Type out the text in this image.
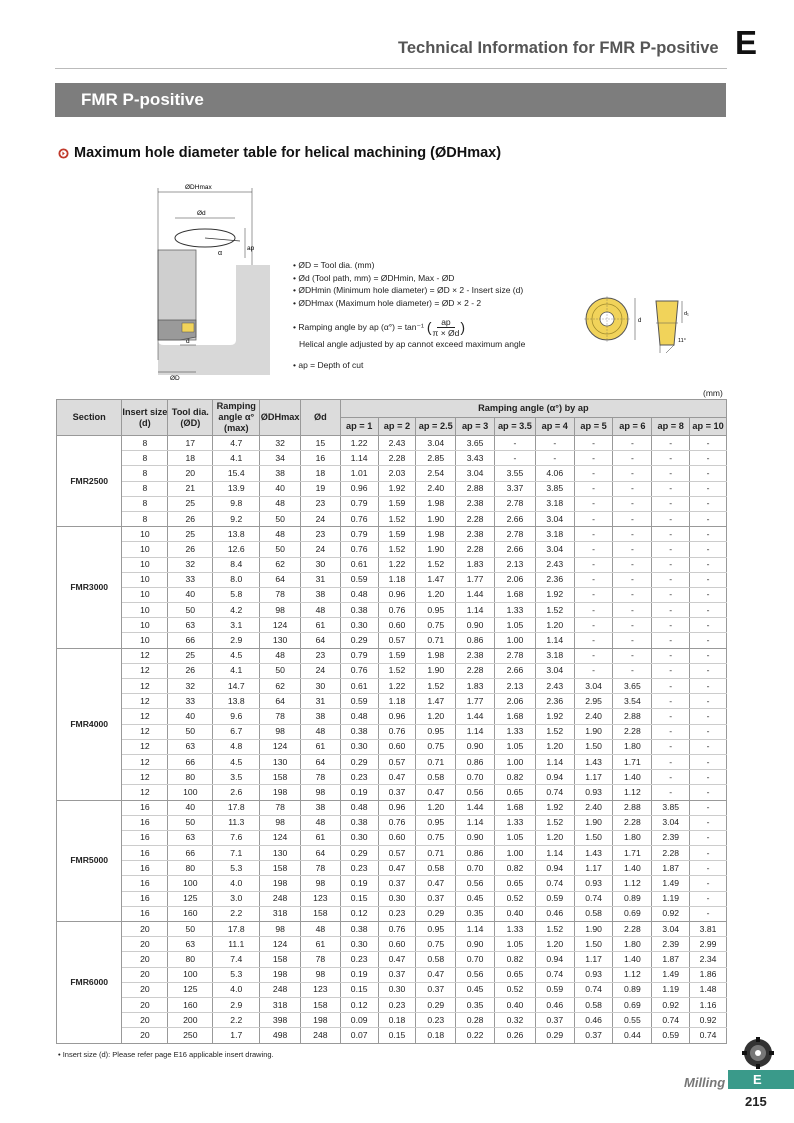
Technical Information for FMR P-positive E
FMR P-positive
Maximum hole diameter table for helical machining (ØDHmax)
ØDHmax
Ød
α
ap
d
ØD
• ØD = Tool dia. (mm)
• Ød (Tool path, mm) = ØDHmin, Max - ØD
• ØDHmin (Minimum hole diameter) = ØD × 2 - Insert size (d)
• ØDHmax (Maximum hole diameter) = ØD × 2 - 2
• Ramping angle by ap (α°) = tan⁻¹ ( $\frac{ap}{\pi \times Ød}$ )
Helical angle adjusted by ap cannot exceed maximum angle
• ap = Depth of cut
d
d₁
11°
(mm)
Section	Insert size (d)	Tool dia. (ØD)	Ramping angle α°(max)	ØDHmax	Ød	Ramping angle (α°) by ap									
						ap = 1	ap = 2	ap = 2.5	ap = 3	ap = 3.5	ap = 4	ap = 5	ap = 6	ap = 8	ap = 10
FMR2500	8	17	4.7	32	15	1.22	2.43	3.04	3.65	-	-	-	-	-	-
	8	18	4.1	34	16	1.14	2.28	2.85	3.43	-	-	-	-	-	-
	8	20	15.4	38	18	1.01	2.03	2.54	3.04	3.55	4.06	-	-	-	-
	8	21	13.9	40	19	0.96	1.92	2.40	2.88	3.37	3.85	-	-	-	-
	8	25	9.8	48	23	0.79	1.59	1.98	2.38	2.78	3.18	-	-	-	-
	8	26	9.2	50	24	0.76	1.52	1.90	2.28	2.66	3.04	-	-	-	-
FMR3000	10	25	13.8	48	23	0.79	1.59	1.98	2.38	2.78	3.18	-	-	-	-
	10	26	12.6	50	24	0.76	1.52	1.90	2.28	2.66	3.04	-	-	-	-
	10	32	8.4	62	30	0.61	1.22	1.52	1.83	2.13	2.43	-	-	-	-
	10	33	8.0	64	31	0.59	1.18	1.47	1.77	2.06	2.36	-	-	-	-
	10	40	5.8	78	38	0.48	0.96	1.20	1.44	1.68	1.92	-	-	-	-
	10	50	4.2	98	48	0.38	0.76	0.95	1.14	1.33	1.52	-	-	-	-
	10	63	3.1	124	61	0.30	0.60	0.75	0.90	1.05	1.20	-	-	-	-
	10	66	2.9	130	64	0.29	0.57	0.71	0.86	1.00	1.14	-	-	-	-
FMR4000	12	25	4.5	48	23	0.79	1.59	1.98	2.38	2.78	3.18	-	-	-	-
	12	26	4.1	50	24	0.76	1.52	1.90	2.28	2.66	3.04	-	-	-	-
	12	32	14.7	62	30	0.61	1.22	1.52	1.83	2.13	2.43	3.04	3.65	-	-
	12	33	13.8	64	31	0.59	1.18	1.47	1.77	2.06	2.36	2.95	3.54	-	-
	12	40	9.6	78	38	0.48	0.96	1.20	1.44	1.68	1.92	2.40	2.88	-	-
	12	50	6.7	98	48	0.38	0.76	0.95	1.14	1.33	1.52	1.90	2.28	-	-
	12	63	4.8	124	61	0.30	0.60	0.75	0.90	1.05	1.20	1.50	1.80	-	-
	12	66	4.5	130	64	0.29	0.57	0.71	0.86	1.00	1.14	1.43	1.71	-	-
	12	80	3.5	158	78	0.23	0.47	0.58	0.70	0.82	0.94	1.17	1.40	-	-
	12	100	2.6	198	98	0.19	0.37	0.47	0.56	0.65	0.74	0.93	1.12	-	-
FMR5000	16	40	17.8	78	38	0.48	0.96	1.20	1.44	1.68	1.92	2.40	2.88	3.85	-
	16	50	11.3	98	48	0.38	0.76	0.95	1.14	1.33	1.52	1.90	2.28	3.04	-
	16	63	7.6	124	61	0.30	0.60	0.75	0.90	1.05	1.20	1.50	1.80	2.39	-
	16	66	7.1	130	64	0.29	0.57	0.71	0.86	1.00	1.14	1.43	1.71	2.28	-
	16	80	5.3	158	78	0.23	0.47	0.58	0.70	0.82	0.94	1.17	1.40	1.87	-
	16	100	4.0	198	98	0.19	0.37	0.47	0.56	0.65	0.74	0.93	1.12	1.49	-
	16	125	3.0	248	123	0.15	0.30	0.37	0.45	0.52	0.59	0.74	0.89	1.19	-
	16	160	2.2	318	158	0.12	0.23	0.29	0.35	0.40	0.46	0.58	0.69	0.92	-
FMR6000	20	50	17.8	98	48	0.38	0.76	0.95	1.14	1.33	1.52	1.90	2.28	3.04	3.81
	20	63	11.1	124	61	0.30	0.60	0.75	0.90	1.05	1.20	1.50	1.80	2.39	2.99
	20	80	7.4	158	78	0.23	0.47	0.58	0.70	0.82	0.94	1.17	1.40	1.87	2.34
	20	100	5.3	198	98	0.19	0.37	0.47	0.56	0.65	0.74	0.93	1.12	1.49	1.86
	20	125	4.0	248	123	0.15	0.30	0.37	0.45	0.52	0.59	0.74	0.89	1.19	1.48
	20	160	2.9	318	158	0.12	0.23	0.29	0.35	0.40	0.46	0.58	0.69	0.92	1.16
	20	200	2.2	398	198	0.09	0.18	0.23	0.28	0.32	0.37	0.46	0.55	0.74	0.92
	20	250	1.7	498	248	0.07	0.15	0.18	0.22	0.26	0.29	0.37	0.44	0.59	0.74
• Insert size (d): Please refer page E16 applicable insert drawing.
Milling E
215
